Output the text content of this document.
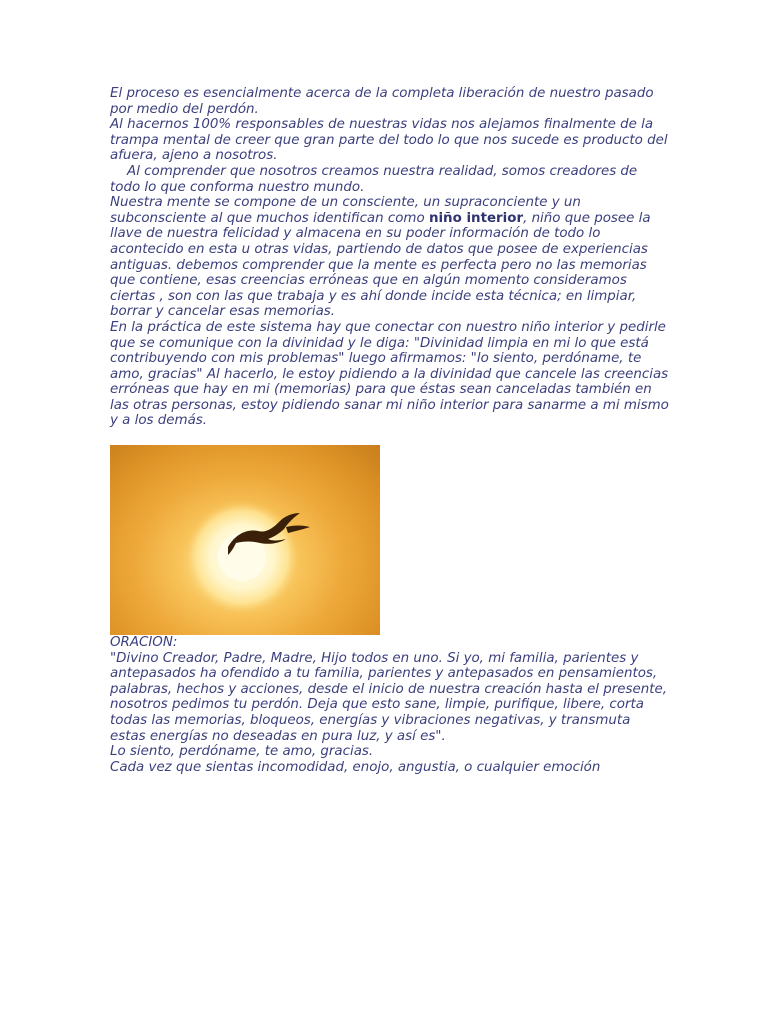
El proceso es esencialmente acerca de la completa liberación de nuestro pasado por medio del perdón.
Al hacernos 100% responsables de nuestras vidas nos alejamos finalmente de la trampa mental de creer que gran parte del todo lo que nos sucede es producto del afuera, ajeno a nosotros.

Al comprender que nosotros creamos nuestra realidad, somos creadores de todo lo que conforma nuestro mundo.

Nuestra mente se compone de un consciente, un supraconciente y un subconsciente al que muchos identifican como niño interior, niño que posee la llave de nuestra felicidad y almacena en su poder información de todo lo acontecido en esta u otras vidas, partiendo de datos que posee de experiencias antiguas. debemos comprender que la mente es perfecta pero no las memorias que contiene, esas creencias erróneas que en algún momento consideramos ciertas , son con las que trabaja y es ahí donde incide esta técnica; en limpiar, borrar y cancelar esas memorias.

En la práctica de este sistema hay que conectar con nuestro niño interior y pedirle que se comunique con la divinidad y le diga: "Divinidad limpia en mi lo que está contribuyendo con mis problemas" luego afirmamos: "lo siento, perdóname, te amo, gracias" Al hacerlo, le estoy pidiendo a la divinidad que cancele las creencias erróneas que hay en mi (memorias) para que éstas sean canceladas también en las otras personas, estoy pidiendo sanar mi niño interior para sanarme a mi mismo y a los demás.

ORACION:
"Divino Creador, Padre, Madre, Hijo todos en uno. Si yo, mi familia, parientes y antepasados ha ofendido a tu familia, parientes y antepasados en pensamientos, palabras, hechos y acciones, desde el inicio de nuestra creación hasta el presente, nosotros pedimos tu perdón. Deja que esto sane, limpie, purifique, libere, corta todas las memorias, bloqueos, energías y vibraciones negativas, y transmuta estas energías no deseadas en pura luz, y así es".
Lo siento, perdóname, te amo, gracias.

Cada vez que sientas incomodidad, enojo, angustia, o cualquier emoción
